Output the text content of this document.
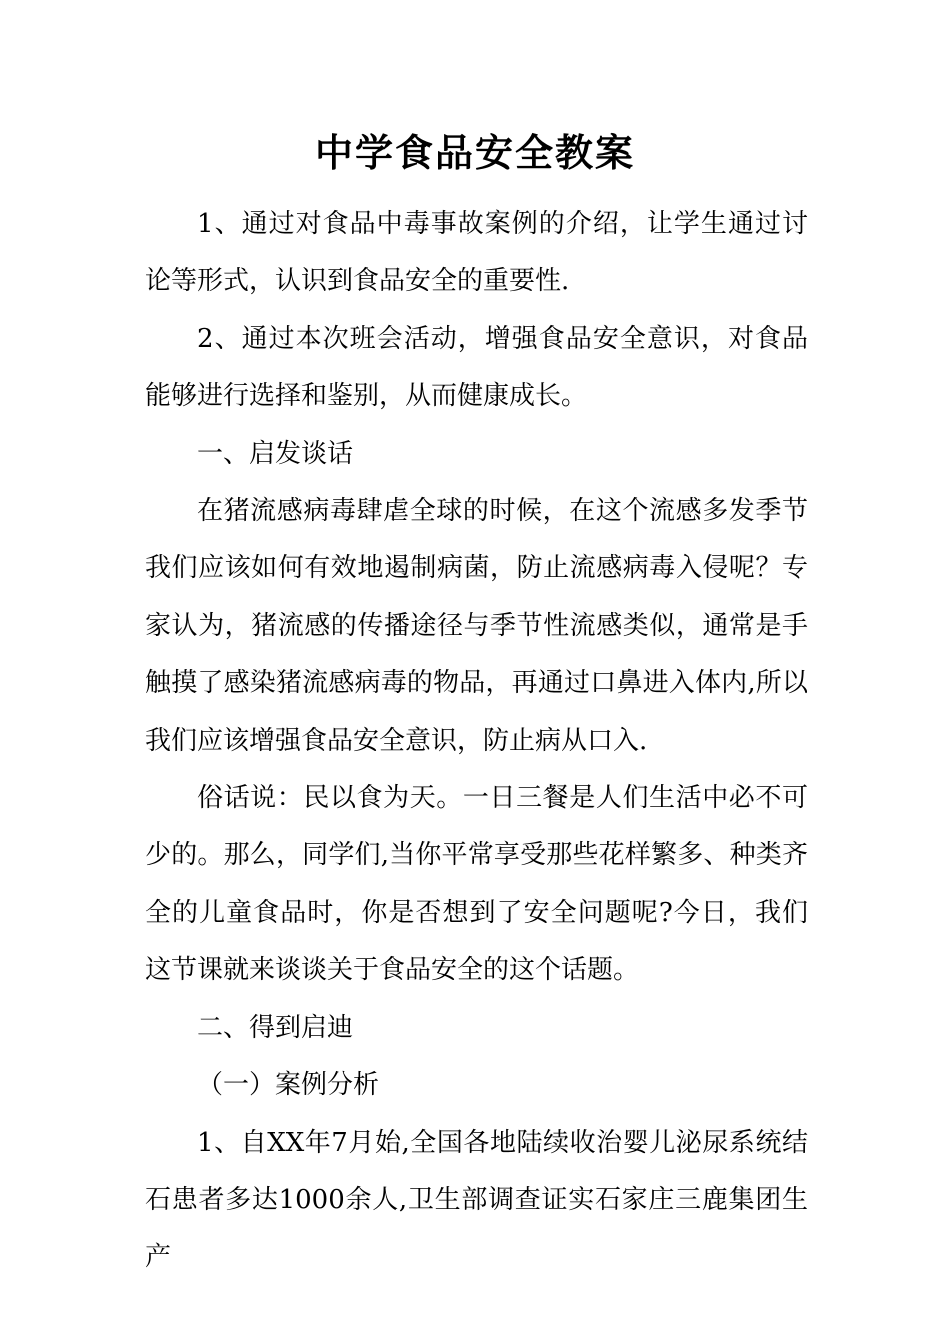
中学食品安全教案

1、通过对食品中毒事故案例的介绍，让学生通过讨论等形式，认识到食品安全的重要性.

2、通过本次班会活动，增强食品安全意识，对食品能够进行选择和鉴别，从而健康成长。

一、启发谈话

在猪流感病毒肆虐全球的时候，在这个流感多发季节我们应该如何有效地遏制病菌，防止流感病毒入侵呢？专家认为，猪流感的传播途径与季节性流感类似，通常是手触摸了感染猪流感病毒的物品，再通过口鼻进入体内,所以我们应该增强食品安全意识，防止病从口入.

俗话说：民以食为天。一日三餐是人们生活中必不可少的。那么，同学们,当你平常享受那些花样繁多、种类齐全的儿童食品时，你是否想到了安全问题呢?今日，我们这节课就来谈谈关于食品安全的这个话题。

二、得到启迪

（一）案例分析

1、自XX年7月始,全国各地陆续收治婴儿泌尿系统结石患者多达1000余人,卫生部调查证实石家庄三鹿集团生产
